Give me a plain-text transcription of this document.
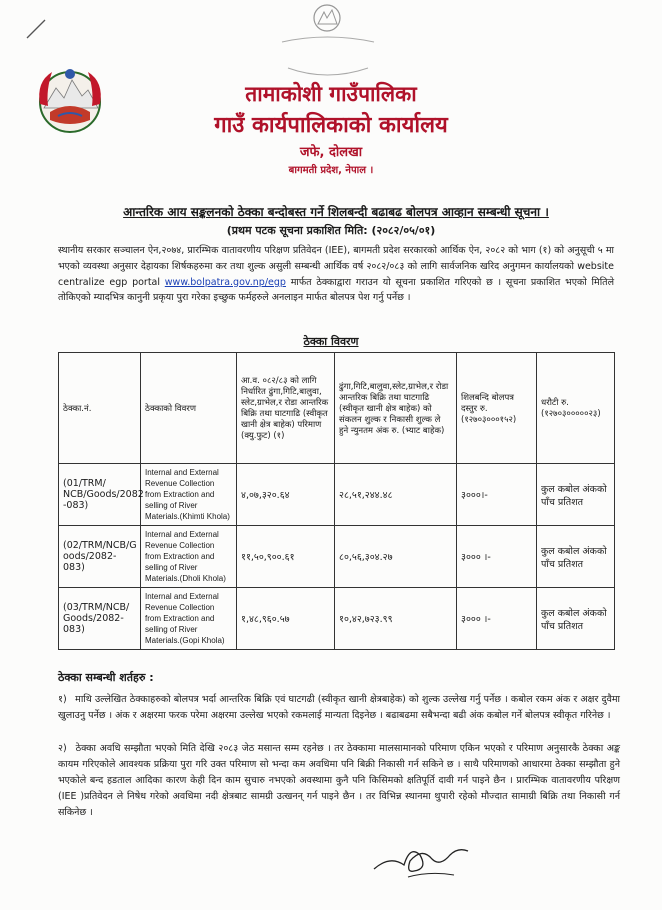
तामाकोशी गाउँपालिका
गाउँ कार्यपालिकाको कार्यालय
जफे, दोलखा
बागमती प्रदेश, नेपाल ।
आन्तरिक आय सङ्कलनको ठेक्का बन्दोबस्त गर्ने शिलबन्दी बढाबढ बोलपत्र आव्हान सम्बन्धी सूचना ।
(प्रथम पटक सूचना प्रकाशित मिति: (२०८२/०५/०१)
स्थानीय सरकार सञ्चालन ऐन,२०७४, प्रारम्भिक वातावरणीय परिक्षण प्रतिवेदन (IEE), बागमती प्रदेश सरकारको आर्थिक ऐन, २०८२ को भाग (१) को अनुसूची ५ मा भएको व्यवस्था अनुसार देहायका शिर्षकहरुमा कर तथा शुल्क असुली सम्बन्धी आर्थिक वर्ष २०८२/०८३ को लागि सार्वजनिक खरिद अनुगमन कार्यालयको website centralize egp portal www.bolpatra.gov.np/egp मार्फत ठेक्काद्वारा गराउन यो सूचना प्रकाशित गरिएको छ । सूचना प्रकाशित भएको मितिले तोकिएको म्यादभित्र कानुनी प्रकृया पुरा गरेका इच्छुक फर्महरुले अनलाइन मार्फत बोलपत्र पेश गर्नु पर्नेछ ।
ठेक्का विवरण
ठेक्का.नं.	ठेक्काको विवरण	आ.व. ०८२/८३ को लागि निर्धारित ढुंगा,गिटि,बालुवा, स्लेट,ग्राभेल,र रोडा आन्तरिक बिक्रि तथा घाटगाढि (स्वीकृत खानी क्षेत्र बाहेक) परिमाण (क्यु.फुट) (१)	ढुंगा,गिटि,बालुवा,स्लेट,ग्राभेल,र रोडा आन्तरिक बिक्रि तथा घाटगाढि (स्वीकृत खानी क्षेत्र बाहेक) को संकलन शुल्क र निकासी शुल्क ले हुने न्युनतम अंक रु. (भ्याट बाहेक)	शिलबन्दि बोलपत्र दस्तुर रु. (१२७०३०००१५२)	धरौटी रु. (१२७०३०००००२३)
(01/TRM/ NCB/Goods/2082 -083)	Internal and External Revenue Collection from Extraction and selling of River Materials.(Khimti Khola)	४,०७,३२०.६४	२८,५१,२४४.४८	३०००।-	कुल कबोल अंकको पाँच प्रतिशत
(02/TRM/NCB/G oods/2082-083)	Internal and External Revenue Collection from Extraction and selling of River Materials.(Dholi Khola)	११,५०,९००.६१	८०,५६,३०४.२७	३००० ।-	कुल कबोल अंकको पाँच प्रतिशत
(03/TRM/NCB/ Goods/2082- 083)	Internal and External Revenue Collection from Extraction and selling of River Materials.(Gopi Khola)	१,४८,९६०.५७	१०,४२,७२३.९९	३००० ।-	कुल कबोल अंकको पाँच प्रतिशत
ठेक्का सम्बन्धी शर्तहरु :
१) माथि उल्लेखित ठेक्काहरुको बोलपत्र भर्दा आन्तरिक बिक्रि एवं घाटगढी (स्वीकृत खानी क्षेत्रबाहेक) को शुल्क उल्लेख गर्नु पर्नेछ । कबोल रकम अंक र अक्षर दुवैमा खुलाउनु पर्नेछ । अंक र अक्षरमा फरक परेमा अक्षरमा उल्लेख भएको रकमलाई मान्यता दिइनेछ । बढाबढमा सबैभन्दा बढी अंक कबोल गर्ने बोलपत्र स्वीकृत गरिनेछ ।
२) ठेक्का अवधि सम्झौता भएको मिति देखि २०८३ जेठ मसान्त सम्म रहनेछ । तर ठेक्कामा मालसामानको परिमाण एकिन भएको र परिमाण अनुसारकै ठेक्का अङ्क कायम गरिएकोले आवश्यक प्रक्रिया पुरा गरि उक्त परिमाण सो भन्दा कम अवधिमा पनि बिक्री निकासी गर्न सकिने छ । साथै परिमाणको आधारमा ठेक्का सम्झौता हुने भएकोले बन्द हडताल आदिका कारण केही दिन काम सुचारु नभएको अवस्थामा कुनै पनि किसिमको क्षतिपूर्ति दावी गर्न पाइने छैन । प्रारम्भिक वातावरणीय परिक्षण (IEE )प्रतिवेदन ले निषेध गरेको अवधिमा नदी क्षेत्रबाट सामग्री उत्खनन् गर्न पाइने छैन । तर विभिन्न स्थानमा थुपारी रहेको मौज्दात सामाग्री बिक्रि तथा निकासी गर्न सकिनेछ ।
